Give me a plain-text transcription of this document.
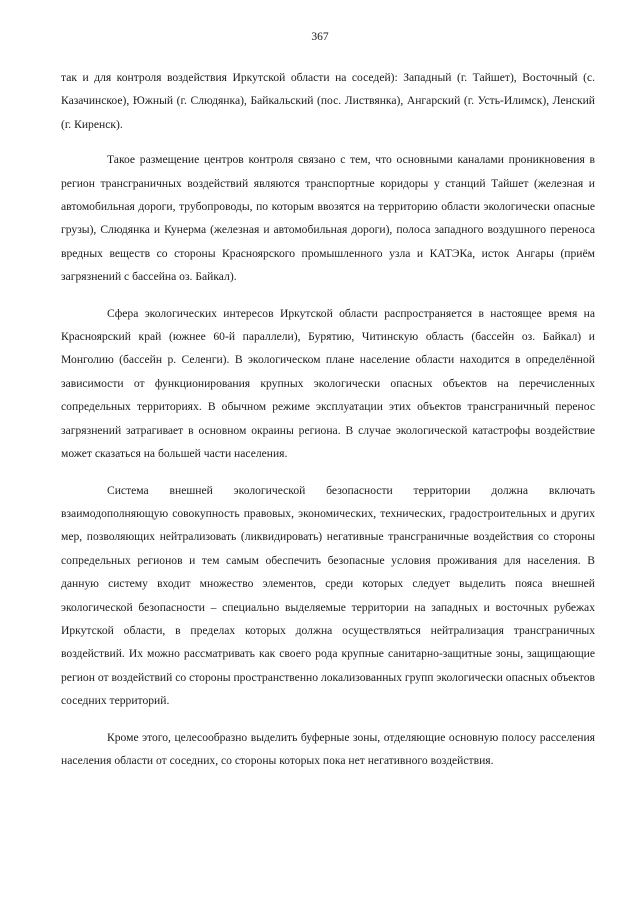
367

так и для контроля воздействия Иркутской области на соседей): Западный (г. Тайшет), Восточный (с. Казачинское), Южный (г. Слюдянка), Байкальский (пос. Листвянка), Ангарский (г. Усть-Илимск), Ленский (г. Киренск).

Такое размещение центров контроля связано с тем, что основными каналами проникновения в регион трансграничных воздействий являются транспортные коридоры у станций Тайшет (железная и автомобильная дороги, трубопроводы, по которым ввозятся на территорию области экологически опасные грузы), Слюдянка и Кунерма (железная и автомобильная дороги), полоса западного воздушного переноса вредных веществ со стороны Красноярского промышленного узла и КАТЭКа, исток Ангары (приём загрязнений с бассейна оз. Байкал).

Сфера экологических интересов Иркутской области распространяется в настоящее время на Красноярский край (южнее 60-й параллели), Бурятию, Читинскую область (бассейн оз. Байкал) и Монголию (бассейн р. Селенги). В экологическом плане население области находится в определённой зависимости от функционирования крупных экологически опасных объектов на перечисленных сопредельных территориях. В обычном режиме эксплуатации этих объектов трансграничный перенос загрязнений затрагивает в основном окраины региона. В случае экологической катастрофы воздействие может сказаться на большей части населения.

Система внешней экологической безопасности территории должна включать взаимодополняющую совокупность правовых, экономических, технических, градостроительных и других мер, позволяющих нейтрализовать (ликвидировать) негативные трансграничные воздействия со стороны сопредельных регионов и тем самым обеспечить безопасные условия проживания для населения. В данную систему входит множество элементов, среди которых следует выделить пояса внешней экологической безопасности – специально выделяемые территории на западных и восточных рубежах Иркутской области, в пределах которых должна осуществляться нейтрализация трансграничных воздействий. Их можно рассматривать как своего рода крупные санитарно-защитные зоны, защищающие регион от воздействий со стороны пространственно локализованных групп экологически опасных объектов соседних территорий.

Кроме этого, целесообразно выделить буферные зоны, отделяющие основную полосу расселения населения области от соседних, со стороны которых пока нет негативного воздействия.
